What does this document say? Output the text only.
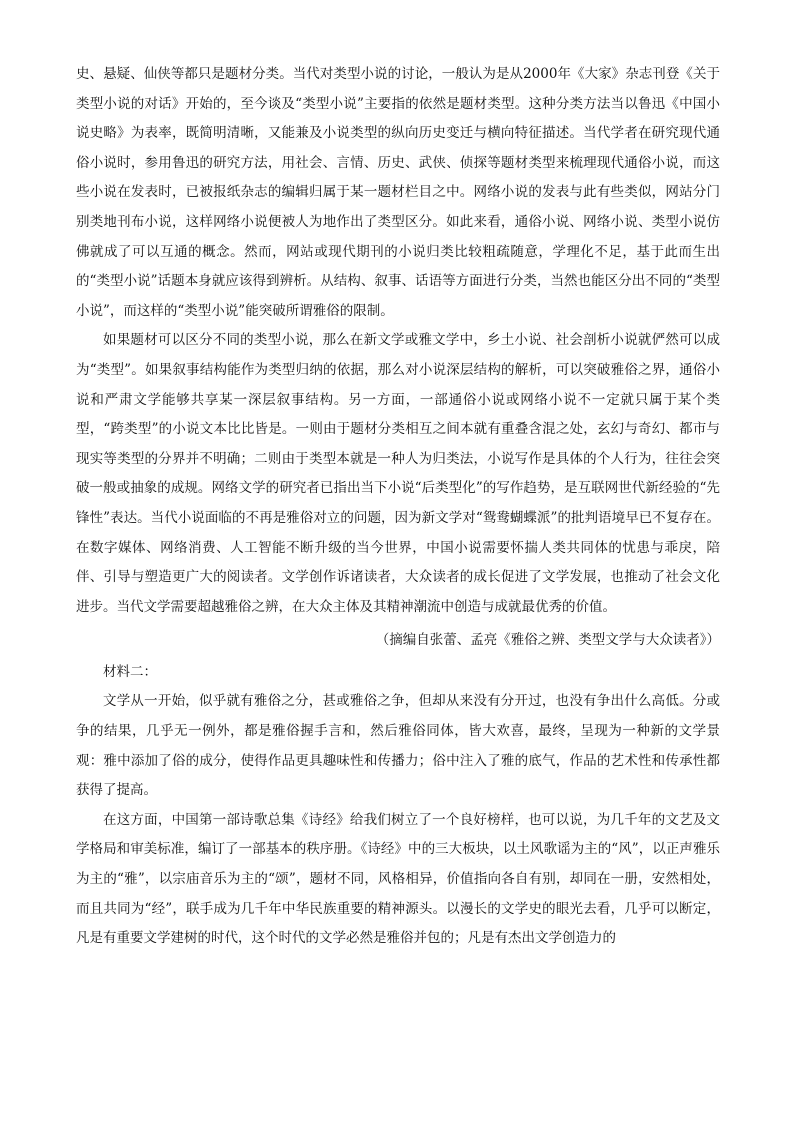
史、悬疑、仙侠等都只是题材分类。当代对类型小说的讨论，一般认为是从2000年《大家》杂志刊登《关于类型小说的对话》开始的，至今谈及“类型小说”主要指的依然是题材类型。这种分类方法当以鲁迅《中国小说史略》为表率，既简明清晰，又能兼及小说类型的纵向历史变迁与横向特征描述。当代学者在研究现代通俗小说时，参用鲁迅的研究方法，用社会、言情、历史、武侠、侦探等题材类型来梳理现代通俗小说，而这些小说在发表时，已被报纸杂志的编辑归属于某一题材栏目之中。网络小说的发表与此有些类似，网站分门别类地刊布小说，这样网络小说便被人为地作出了类型区分。如此来看，通俗小说、网络小说、类型小说仿佛就成了可以互通的概念。然而，网站或现代期刊的小说归类比较粗疏随意，学理化不足，基于此而生出的“类型小说”话题本身就应该得到辨析。从结构、叙事、话语等方面进行分类，当然也能区分出不同的“类型小说”，而这样的“类型小说”能突破所谓雅俗的限制。

如果题材可以区分不同的类型小说，那么在新文学或雅文学中，乡土小说、社会剖析小说就俨然可以成为“类型”。如果叙事结构能作为类型归纳的依据，那么对小说深层结构的解析，可以突破雅俗之界，通俗小说和严肃文学能够共享某一深层叙事结构。另一方面，一部通俗小说或网络小说不一定就只属于某个类型，“跨类型”的小说文本比比皆是。一则由于题材分类相互之间本就有重叠含混之处，玄幻与奇幻、都市与现实等类型的分界并不明确；二则由于类型本就是一种人为归类法，小说写作是具体的个人行为，往往会突破一般或抽象的成规。网络文学的研究者已指出当下小说“后类型化”的写作趋势，是互联网世代新经验的“先锋性”表达。当代小说面临的不再是雅俗对立的问题，因为新文学对“鸳鸯蝴蝶派”的批判语境早已不复存在。在数字媒体、网络消费、人工智能不断升级的当今世界，中国小说需要怀揣人类共同体的忧患与乖戾，陪伴、引导与塑造更广大的阅读者。文学创作诉诸读者，大众读者的成长促进了文学发展，也推动了社会文化进步。当代文学需要超越雅俗之辨，在大众主体及其精神潮流中创造与成就最优秀的价值。

（摘编自张蕾、孟亮《雅俗之辨、类型文学与大众读者》）

材料二：

文学从一开始，似乎就有雅俗之分，甚或雅俗之争，但却从来没有分开过，也没有争出什么高低。分或争的结果，几乎无一例外，都是雅俗握手言和，然后雅俗同体，皆大欢喜，最终，呈现为一种新的文学景观：雅中添加了俗的成分，使得作品更具趣味性和传播力；俗中注入了雅的底气，作品的艺术性和传承性都获得了提高。

在这方面，中国第一部诗歌总集《诗经》给我们树立了一个良好榜样，也可以说，为几千年的文艺及文学格局和审美标准，编订了一部基本的秩序册。《诗经》中的三大板块，以土风歌谣为主的“风”，以正声雅乐为主的“雅”，以宗庙音乐为主的“颂”，题材不同，风格相异，价值指向各自有别，却同在一册，安然相处，而且共同为“经”，联手成为几千年中华民族重要的精神源头。以漫长的文学史的眼光去看，几乎可以断定，凡是有重要文学建树的时代，这个时代的文学必然是雅俗并包的；凡是有杰出文学创造力的
